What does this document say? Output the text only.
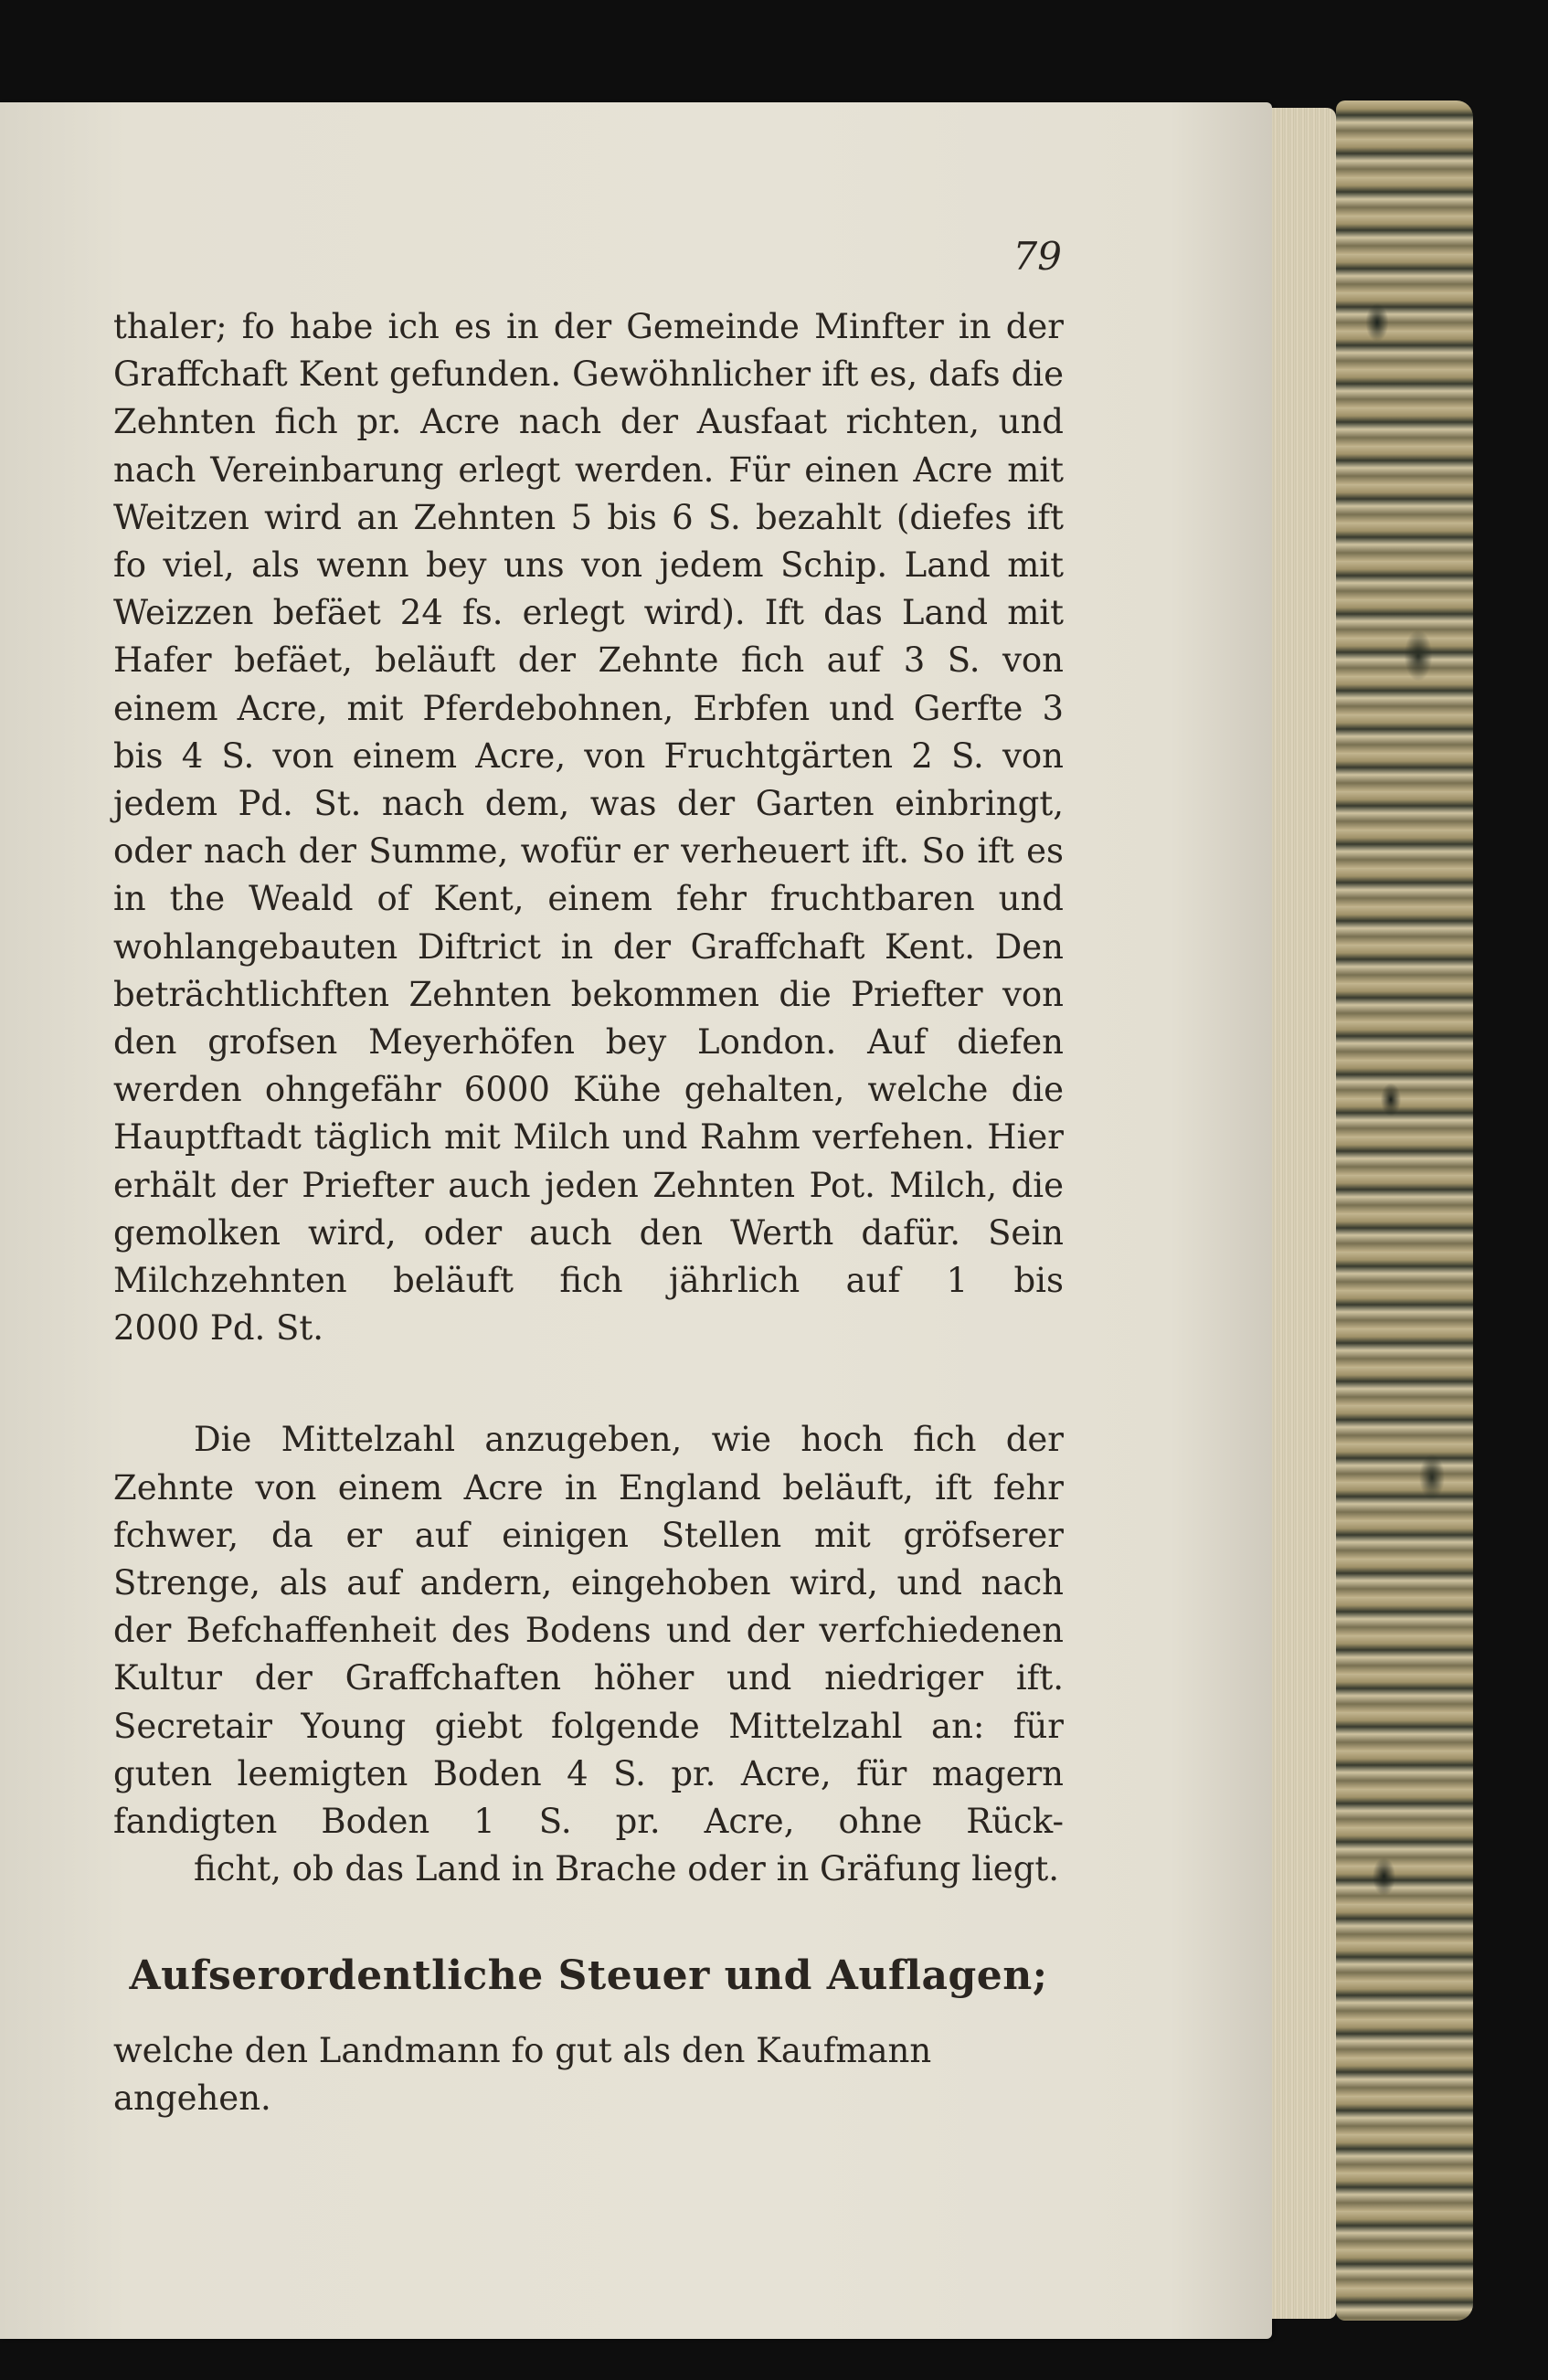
79

thaler; fo habe ich es in der Gemeinde Minfter in der Graffchaft Kent gefunden. Gewöhnlicher ift es, dafs die Zehnten fich pr. Acre nach der Ausfaat richten, und nach Vereinbarung erlegt werden. Für einen Acre mit Weitzen wird an Zehnten 5 bis 6 S. bezahlt (diefes ift fo viel, als wenn bey uns von jedem Schip. Land mit Weizzen befäet 24 fs. erlegt wird). Ift das Land mit Hafer befäet, beläuft der Zehnte fich auf 3 S. von einem Acre, mit Pferdebohnen, Erbfen und Gerfte 3 bis 4 S. von einem Acre, von Fruchtgärten 2 S. von jedem Pd. St. nach dem, was der Garten einbringt, oder nach der Summe, wofür er verheuert ift. So ift es in the Weald of Kent, einem fehr fruchtbaren und wohlangebauten Diftrict in der Graffchaft Kent. Den beträchtlichften Zehnten bekommen die Priefter von den grofsen Meyerhöfen bey London. Auf diefen werden ohngefähr 6000 Kühe gehalten, welche die Hauptftadt täglich mit Milch und Rahm verfehen. Hier erhält der Priefter auch jeden Zehnten Pot. Milch, die gemolken wird, oder auch den Werth dafür. Sein Milchzehnten beläuft fich jährlich auf 1 bis
2000 Pd. St.

Die Mittelzahl anzugeben, wie hoch fich der Zehnte von einem Acre in England beläuft, ift fehr fchwer, da er auf einigen Stellen mit gröfserer Strenge, als auf andern, eingehoben wird, und nach der Befchaffenheit des Bodens und der verfchiedenen Kultur der Graffchaften höher und niedriger ift. Secretair Young giebt folgende Mittelzahl an: für guten leemigten Boden 4 S. pr. Acre, für magern fandigten Boden 1 S. pr. Acre, ohne Rück-
ficht, ob das Land in Brache oder in Gräfung liegt.

Aufserordentliche Steuer und Auflagen;
welche den Landmann fo gut als den Kaufmann angehen.
